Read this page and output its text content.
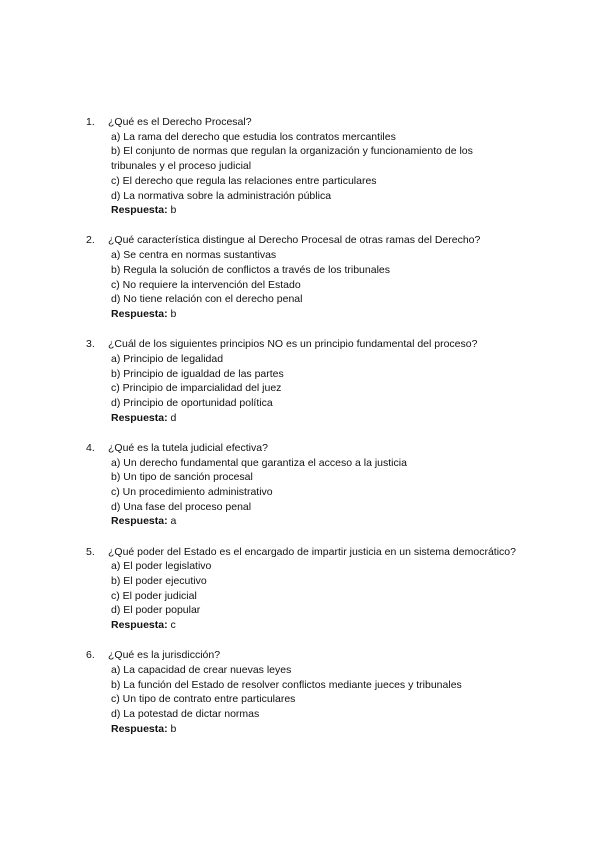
1. ¿Qué es el Derecho Procesal?
a) La rama del derecho que estudia los contratos mercantiles
b) El conjunto de normas que regulan la organización y funcionamiento de los tribunales y el proceso judicial
c) El derecho que regula las relaciones entre particulares
d) La normativa sobre la administración pública
Respuesta: b
2. ¿Qué característica distingue al Derecho Procesal de otras ramas del Derecho?
a) Se centra en normas sustantivas
b) Regula la solución de conflictos a través de los tribunales
c) No requiere la intervención del Estado
d) No tiene relación con el derecho penal
Respuesta: b
3. ¿Cuál de los siguientes principios NO es un principio fundamental del proceso?
a) Principio de legalidad
b) Principio de igualdad de las partes
c) Principio de imparcialidad del juez
d) Principio de oportunidad política
Respuesta: d
4. ¿Qué es la tutela judicial efectiva?
a) Un derecho fundamental que garantiza el acceso a la justicia
b) Un tipo de sanción procesal
c) Un procedimiento administrativo
d) Una fase del proceso penal
Respuesta: a
5. ¿Qué poder del Estado es el encargado de impartir justicia en un sistema democrático?
a) El poder legislativo
b) El poder ejecutivo
c) El poder judicial
d) El poder popular
Respuesta: c
6. ¿Qué es la jurisdicción?
a) La capacidad de crear nuevas leyes
b) La función del Estado de resolver conflictos mediante jueces y tribunales
c) Un tipo de contrato entre particulares
d) La potestad de dictar normas
Respuesta: b
